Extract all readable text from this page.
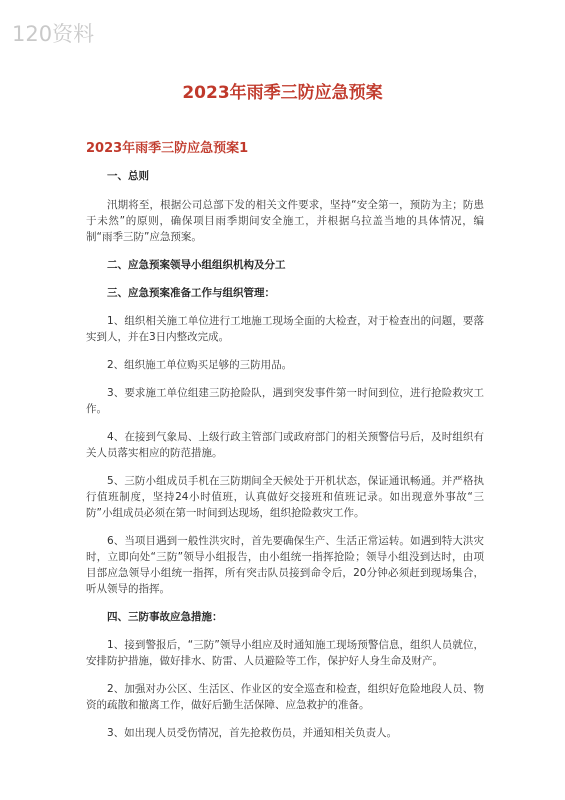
120资料
2023年雨季三防应急预案
2023年雨季三防应急预案1

一、总则

汛期将至，根据公司总部下发的相关文件要求，坚持“安全第一，预防为主；防患于未然”的原则，确保项目雨季期间安全施工，并根据乌拉盖当地的具体情况，编制“雨季三防”应急预案。

二、应急预案领导小组组织机构及分工

三、应急预案准备工作与组织管理：

1、组织相关施工单位进行工地施工现场全面的大检查，对于检查出的问题，要落实到人，并在3日内整改完成。

2、组织施工单位购买足够的三防用品。

3、要求施工单位组建三防抢险队，遇到突发事件第一时间到位，进行抢险救灾工作。

4、在接到气象局、上级行政主管部门或政府部门的相关预警信号后，及时组织有关人员落实相应的防范措施。

5、三防小组成员手机在三防期间全天候处于开机状态，保证通讯畅通。并严格执行值班制度，坚持24小时值班，认真做好交接班和值班记录。如出现意外事故“三防”小组成员必须在第一时间到达现场，组织抢险救灾工作。

6、当项目遇到一般性洪灾时，首先要确保生产、生活正常运转。如遇到特大洪灾时，立即向处“三防”领导小组报告，由小组统一指挥抢险；领导小组没到达时，由项目部应急领导小组统一指挥，所有突击队员接到命令后，20分钟必须赶到现场集合，听从领导的指挥。

四、三防事故应急措施：

1、接到警报后，“三防”领导小组应及时通知施工现场预警信息，组织人员就位，安排防护措施，做好排水、防雷、人员避险等工作，保护好人身生命及财产。

2、加强对办公区、生活区、作业区的安全巡查和检查，组织好危险地段人员、物资的疏散和撤离工作，做好后勤生活保障、应急救护的准备。

3、如出现人员受伤情况，首先抢救伤员，并通知相关负责人。
